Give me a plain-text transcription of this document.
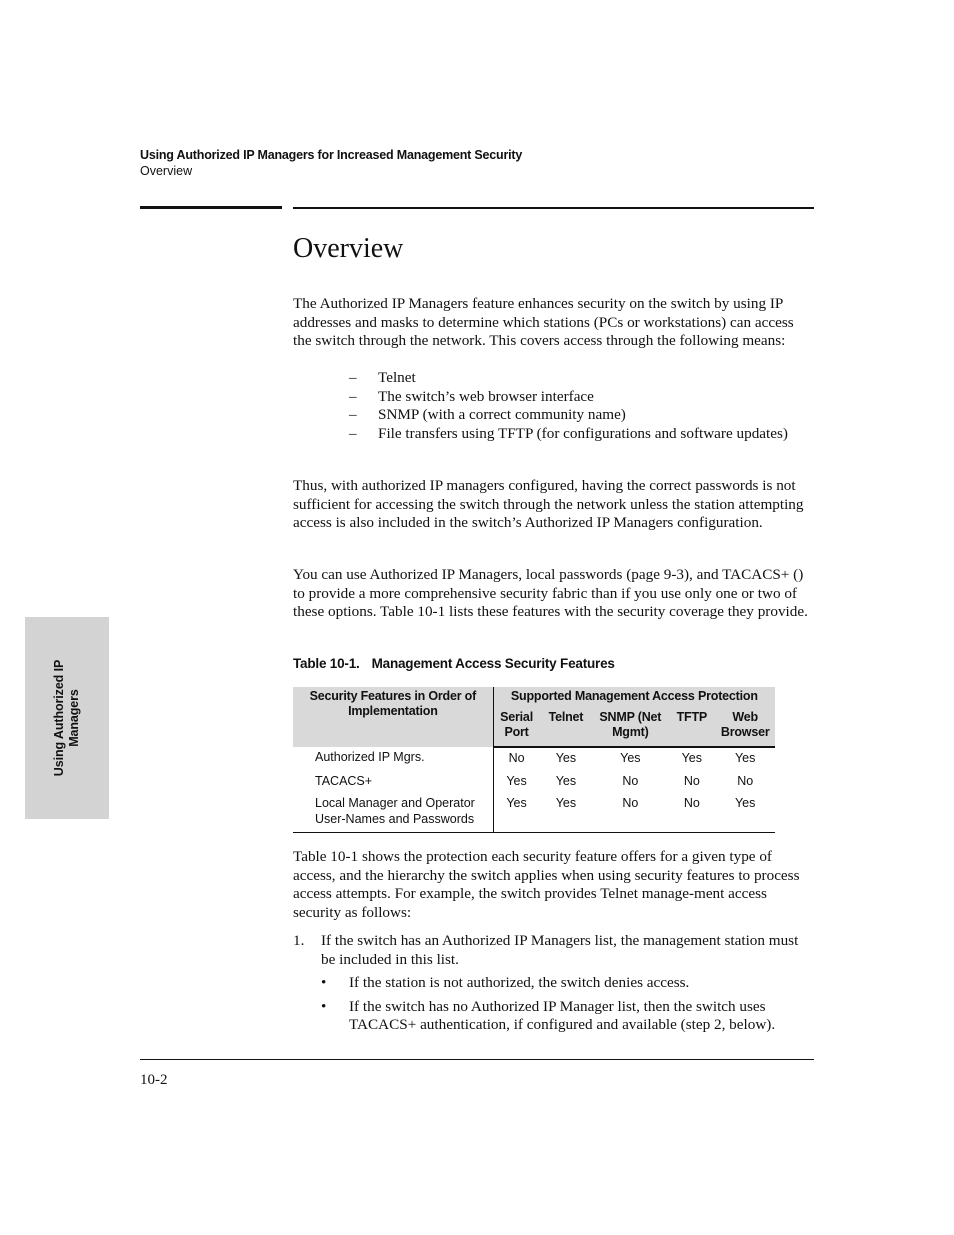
Using Authorized IP Managers for Increased Management Security
Overview
Overview

The Authorized IP Managers feature enhances security on the switch by using IP addresses and masks to determine which stations (PCs or workstations) can access the switch through the network. This covers access through the following means:

– Telnet
– The switch’s web browser interface
– SNMP (with a correct community name)
– File transfers using TFTP (for configurations and software updates)

Thus, with authorized IP managers configured, having the correct passwords is not sufficient for accessing the switch through the network unless the station attempting access is also included in the switch’s Authorized IP Managers configuration.

You can use Authorized IP Managers, local passwords (page 9-3), and TACACS+ () to provide a more comprehensive security fabric than if you use only one or two of these options. Table 10-1 lists these features with the security coverage they provide.

Table 10-1. Management Access Security Features
Security Features in Order of Implementation	Supported Management Access Protection				
	Serial Port	Telnet	SNMP (Net Mgmt)	TFTP	Web Browser
Authorized IP Mgrs.	No	Yes	Yes	Yes	Yes
TACACS+	Yes	Yes	No	No	No
Local Manager and Operator User-Names and Passwords	Yes	Yes	No	No	Yes

Table 10-1 shows the protection each security feature offers for a given type of access, and the hierarchy the switch applies when using security features to process access attempts. For example, the switch provides Telnet manage-ment access security as follows:

1. If the switch has an Authorized IP Managers list, the management station must be included in this list.
• If the station is not authorized, the switch denies access.
• If the switch has no Authorized IP Manager list, then the switch uses TACACS+ authentication, if configured and available (step 2, below).
10-2
Using Authorized IP Managers
